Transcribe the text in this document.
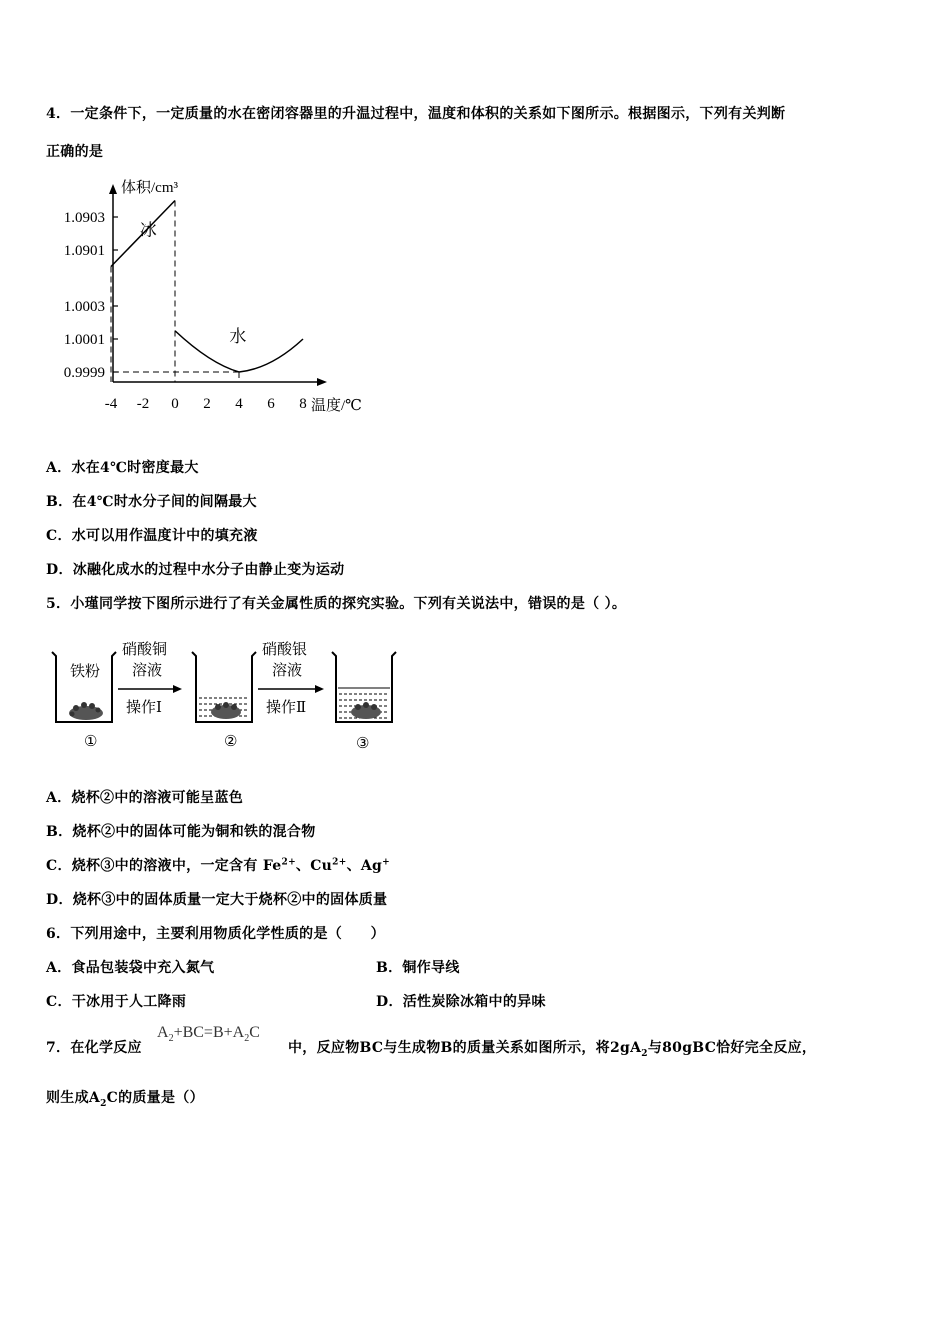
4．一定条件下，一定质量的水在密闭容器里的升温过程中，温度和体积的关系如下图所示。根据图示，下列有关判断
正确的是
体积/cm³
温度/℃
1.0903
1.0901
1.0003
1.0001
0.9999
-4 -2 0 2 4 6 8
冰
水
A．水在4℃时密度最大
B．在4℃时水分子间的间隔最大
C．水可以用作温度计中的填充液
D．冰融化成水的过程中水分子由静止变为运动
5．小瑾同学按下图所示进行了有关金属性质的探究实验。下列有关说法中，错误的是（ ）。
铁粉
硝酸铜
溶液
操作Ⅰ
硝酸银
溶液
操作Ⅱ
①	②	③
A．烧杯②中的溶液可能呈蓝色
B．烧杯②中的固体可能为铜和铁的混合物
C．烧杯③中的溶液中，一定含有 $Fe^{2+}$、$Cu^{2+}$、Ag+
D．烧杯③中的固体质量一定大于烧杯②中的固体质量
6．下列用途中，主要利用物质化学性质的是（　　）
A．食品包装袋中充入氮气	B．铜作导线
C．干冰用于人工降雨	D．活性炭除冰箱中的异味
7．在化学反应
$A_2+BC=B+A_2C$
中，反应物BC与生成物B的质量关系如图所示，将$2gA_2$与80gBC恰好完全反应，
则生成$A_2C$的质量是（）
